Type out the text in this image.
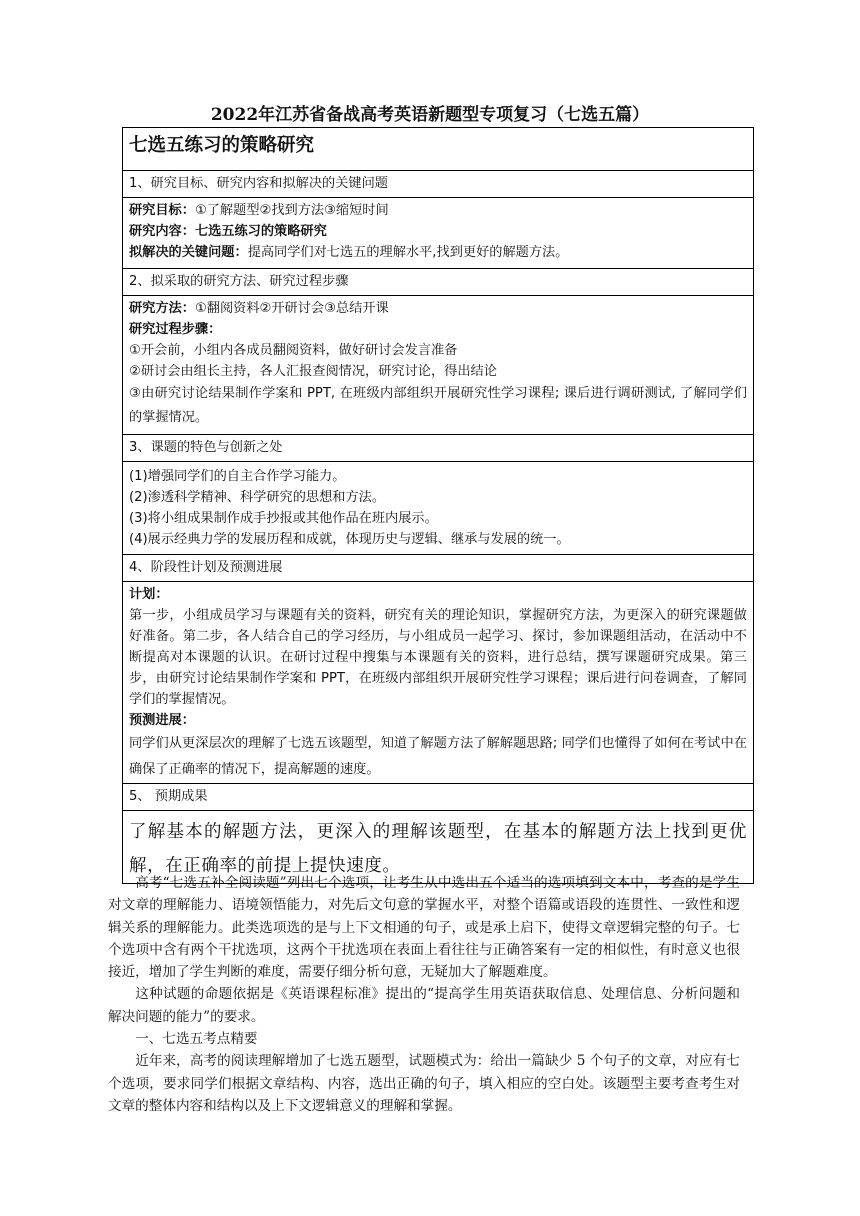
2022年江苏省备战高考英语新题型专项复习（七选五篇）
七选五练习的策略研究

1、研究目标、研究内容和拟解决的关键问题

研究目标：①了解题型②找到方法③缩短时间
研究内容：七选五练习的策略研究
拟解决的关键问题：提高同学们对七选五的理解水平,找到更好的解题方法。

2、拟采取的研究方法、研究过程步骤

研究方法：①翻阅资料②开研讨会③总结开课
研究过程步骤：
①开会前，小组内各成员翻阅资料，做好研讨会发言准备
②研讨会由组长主持，各人汇报查阅情况，研究讨论，得出结论
③由研究讨论结果制作学案和 PPT, 在班级内部组织开展研究性学习课程; 课后进行调研测试, 了解同学们的掌握情况。

3、课题的特色与创新之处

(1)增强同学们的自主合作学习能力。
(2)渗透科学精神、科学研究的思想和方法。
(3)将小组成果制作成手抄报或其他作品在班内展示。
(4)展示经典力学的发展历程和成就，体现历史与逻辑、继承与发展的统一。

4、阶段性计划及预测进展

计划：
第一步，小组成员学习与课题有关的资料，研究有关的理论知识，掌握研究方法，为更深入的研究课题做好准备。第二步，各人结合自己的学习经历，与小组成员一起学习、探讨，参加课题组活动，在活动中不断提高对本课题的认识。在研讨过程中搜集与本课题有关的资料，进行总结，撰写课题研究成果。第三步，由研究讨论结果制作学案和 PPT，在班级内部组织开展研究性学习课程；课后进行问卷调查，了解同学们的掌握情况。
预测进展：
同学们从更深层次的理解了七选五该题型，知道了解题方法了解解题思路; 同学们也懂得了如何在考试中在确保了正确率的情况下，提高解题的速度。

5、 预期成果

了解基本的解题方法，更深入的理解该题型，在基本的解题方法上找到更优解，在正确率的前提上提快速度。

高考“七选五补全阅读题”列出七个选项，让考生从中选出五个适当的选项填到文本中，考查的是学生对文章的理解能力、语境领悟能力，对先后文句意的掌握水平，对整个语篇或语段的连贯性、一致性和逻辑关系的理解能力。此类选项选的是与上下文相通的句子，或是承上启下，使得文章逻辑完整的句子。七个选项中含有两个干扰选项，这两个干扰选项在表面上看往往与正确答案有一定的相似性，有时意义也很接近，增加了学生判断的难度，需要仔细分析句意，无疑加大了解题难度。

这种试题的命题依据是《英语课程标准》提出的“提高学生用英语获取信息、处理信息、分析问题和解决问题的能力”的要求。

一、七选五考点精要

近年来，高考的阅读理解增加了七选五题型，试题模式为：给出一篇缺少 5 个句子的文章，对应有七个选项，要求同学们根据文章结构、内容，选出正确的句子，填入相应的空白处。该题型主要考查考生对文章的整体内容和结构以及上下文逻辑意义的理解和掌握。
